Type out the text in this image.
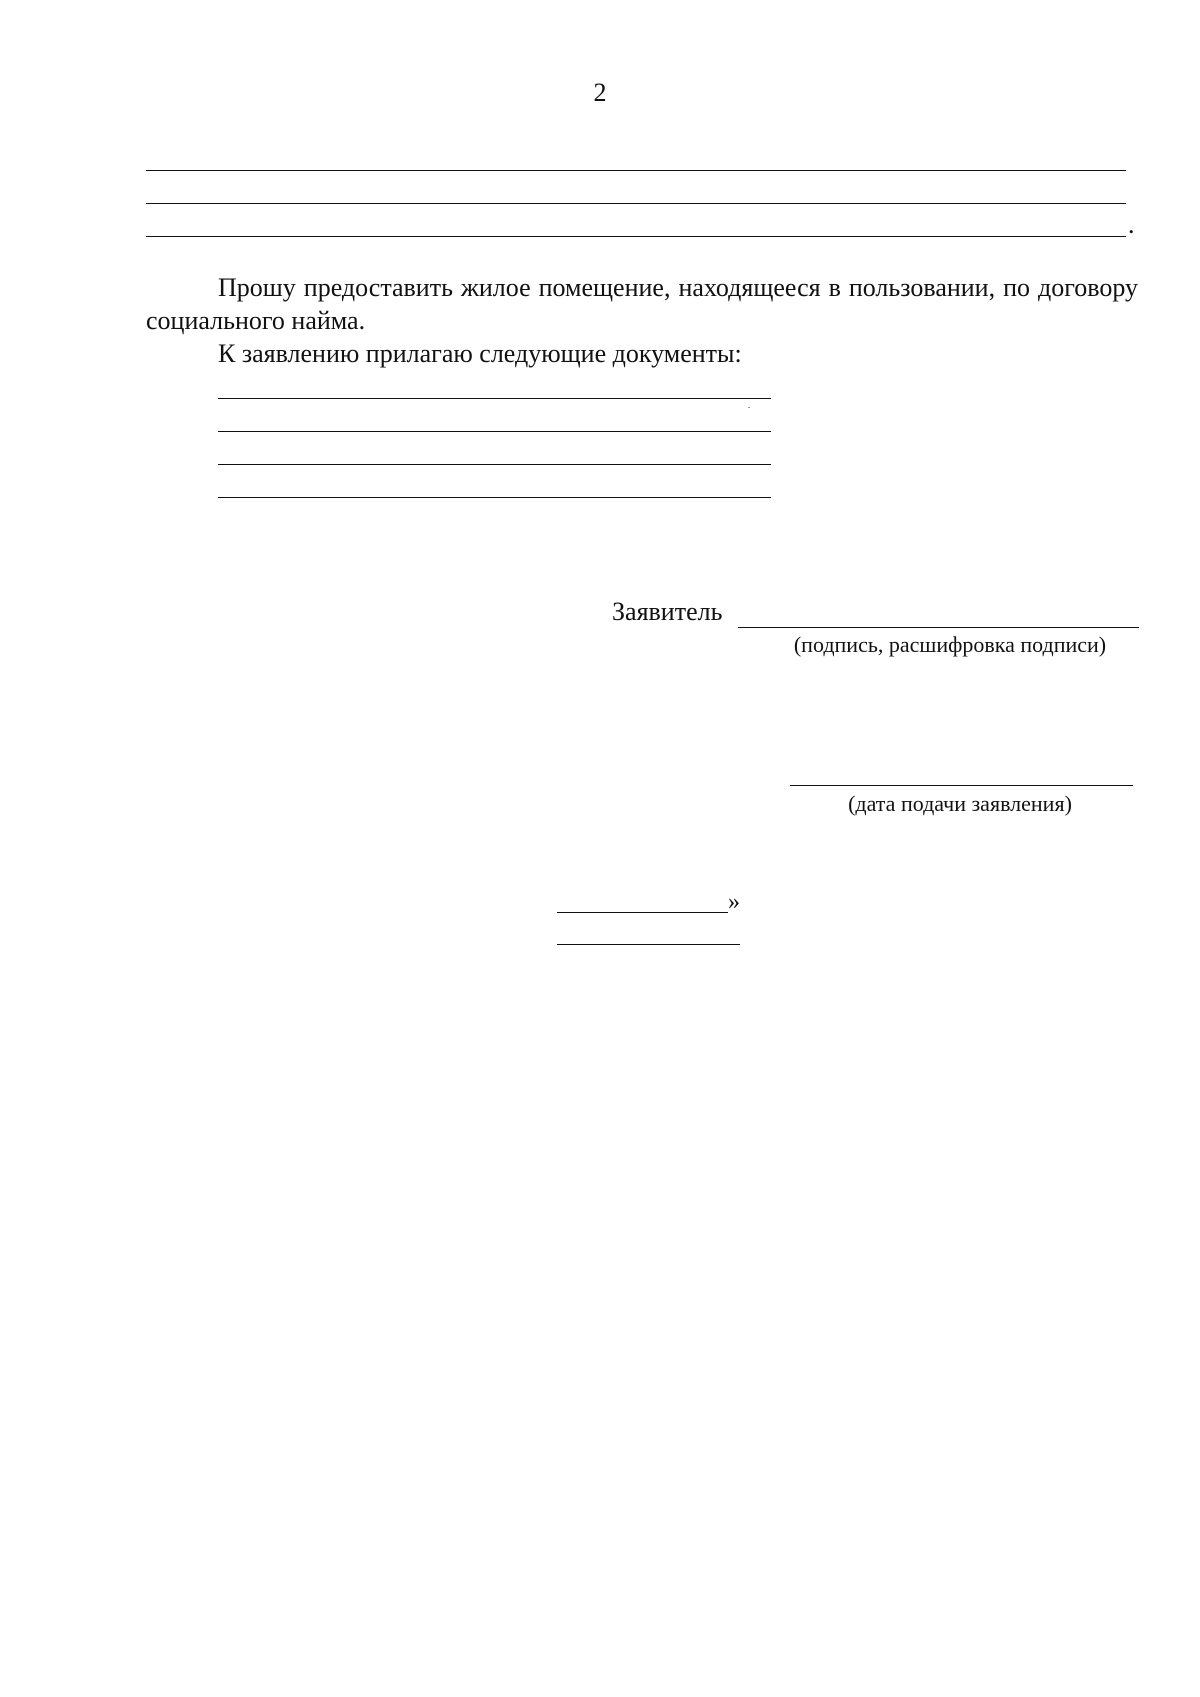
2
.

Прошу предоставить жилое помещение, находящееся в пользовании, по договору социального найма.

К заявлению прилагаю следующие документы:
Заявитель
(подпись, расшифровка подписи)
(дата подачи заявления)
»
